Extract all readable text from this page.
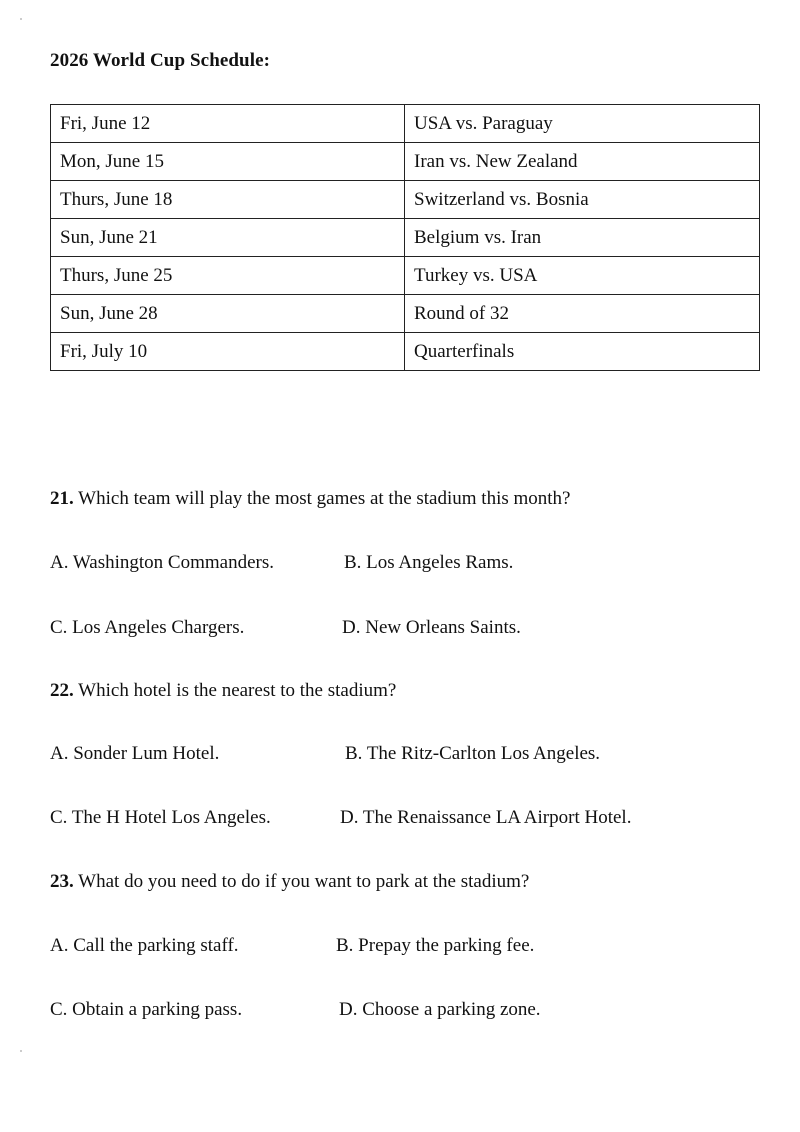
2026 World Cup Schedule:
Fri, June 12	USA vs. Paraguay
Mon, June 15	Iran vs. New Zealand
Thurs, June 18	Switzerland vs. Bosnia
Sun, June 21	Belgium vs. Iran
Thurs, June 25	Turkey vs. USA
Sun, June 28	Round of 32
Fri, July 10	Quarterfinals
21. Which team will play the most games at the stadium this month?
A. Washington Commanders.	B. Los Angeles Rams.
C. Los Angeles Chargers.	D. New Orleans Saints.
22. Which hotel is the nearest to the stadium?
A. Sonder Lum Hotel.	B. The Ritz-Carlton Los Angeles.
C. The H Hotel Los Angeles.	D. The Renaissance LA Airport Hotel.
23. What do you need to do if you want to park at the stadium?
A. Call the parking staff.	B. Prepay the parking fee.
C. Obtain a parking pass.	D. Choose a parking zone.
